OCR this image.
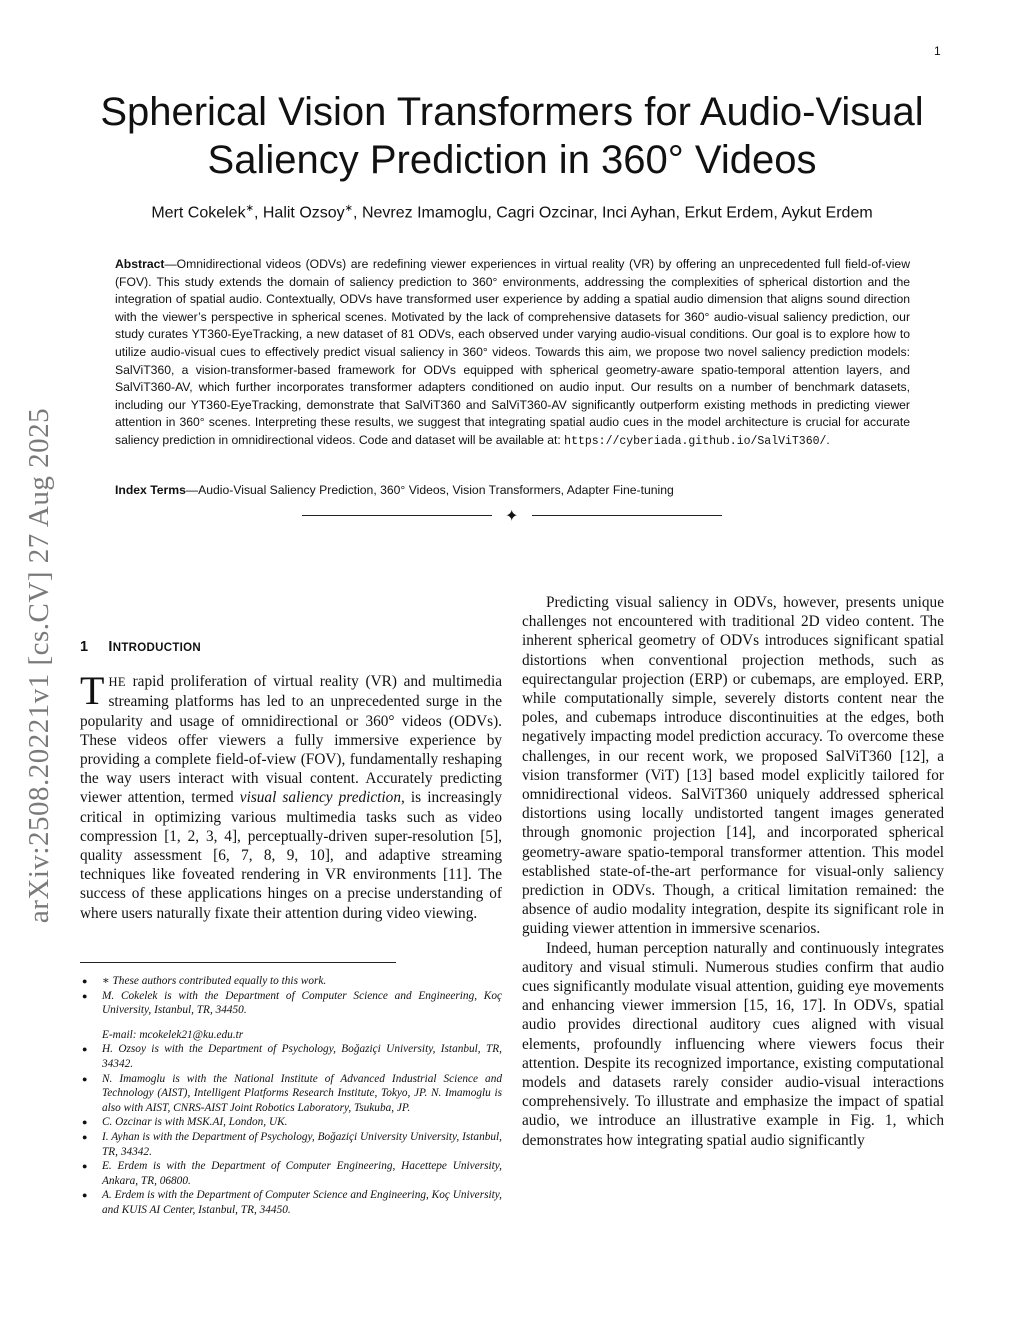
1
arXiv:2508.20221v1 [cs.CV] 27 Aug 2025
Spherical Vision Transformers for Audio-Visual
Saliency Prediction in 360° Videos
Mert Cokelek∗, Halit Ozsoy∗, Nevrez Imamoglu, Cagri Ozcinar, Inci Ayhan, Erkut Erdem, Aykut Erdem
Abstract—Omnidirectional videos (ODVs) are redefining viewer experiences in virtual reality (VR) by offering an unprecedented full field-of-view (FOV). This study extends the domain of saliency prediction to 360° environments, addressing the complexities of spherical distortion and the integration of spatial audio. Contextually, ODVs have transformed user experience by adding a spatial audio dimension that aligns sound direction with the viewer’s perspective in spherical scenes. Motivated by the lack of comprehensive datasets for 360° audio-visual saliency prediction, our study curates YT360-EyeTracking, a new dataset of 81 ODVs, each observed under varying audio-visual conditions. Our goal is to explore how to utilize audio-visual cues to effectively predict visual saliency in 360° videos. Towards this aim, we propose two novel saliency prediction models: SalViT360, a vision-transformer-based framework for ODVs equipped with spherical geometry-aware spatio-temporal attention layers, and SalViT360-AV, which further incorporates transformer adapters conditioned on audio input. Our results on a number of benchmark datasets, including our YT360-EyeTracking, demonstrate that SalViT360 and SalViT360-AV significantly outperform existing methods in predicting viewer attention in 360° scenes. Interpreting these results, we suggest that integrating spatial audio cues in the model architecture is crucial for accurate saliency prediction in omnidirectional videos. Code and dataset will be available at: https://cyberiada.github.io/SalViT360/.
Index Terms—Audio-Visual Saliency Prediction, 360° Videos, Vision Transformers, Adapter Fine-tuning
✦
1 INTRODUCTION

THE rapid proliferation of virtual reality (VR) and multimedia streaming platforms has led to an unprecedented surge in the popularity and usage of omnidirectional or 360° videos (ODVs). These videos offer viewers a fully immersive experience by providing a complete field-of-view (FOV), fundamentally reshaping the way users interact with visual content. Accurately predicting viewer attention, termed visual saliency prediction, is increasingly critical in optimizing various multimedia tasks such as video compression [1, 2, 3, 4], perceptually-driven super-resolution [5], quality assessment [6, 7, 8, 9, 10], and adaptive streaming techniques like foveated rendering in VR environments [11]. The success of these applications hinges on a precise understanding of where users naturally fixate their attention during video viewing.

● ∗ These authors contributed equally to this work.
● M. Cokelek is with the Department of Computer Science and Engineering, Koç University, Istanbul, TR, 34450.
E-mail: mcokelek21@ku.edu.tr
● H. Ozsoy is with the Department of Psychology, Boğaziçi University, Istanbul, TR, 34342.
● N. Imamoglu is with the National Institute of Advanced Industrial Science and Technology (AIST), Intelligent Platforms Research Institute, Tokyo, JP. N. Imamoglu is also with AIST, CNRS-AIST Joint Robotics Laboratory, Tsukuba, JP.
● C. Ozcinar is with MSK.AI, London, UK.
● I. Ayhan is with the Department of Psychology, Boğaziçi University University, Istanbul, TR, 34342.
● E. Erdem is with the Department of Computer Engineering, Hacettepe University, Ankara, TR, 06800.
● A. Erdem is with the Department of Computer Science and Engineering, Koç University, and KUIS AI Center, Istanbul, TR, 34450.

Predicting visual saliency in ODVs, however, presents unique challenges not encountered with traditional 2D video content. The inherent spherical geometry of ODVs introduces significant spatial distortions when conventional projection methods, such as equirectangular projection (ERP) or cubemaps, are employed. ERP, while computationally simple, severely distorts content near the poles, and cubemaps introduce discontinuities at the edges, both negatively impacting model prediction accuracy. To overcome these challenges, in our recent work, we proposed SalViT360 [12], a vision transformer (ViT) [13] based model explicitly tailored for omnidirectional videos. SalViT360 uniquely addressed spherical distortions using locally undistorted tangent images generated through gnomonic projection [14], and incorporated spherical geometry-aware spatio-temporal transformer attention. This model established state-of-the-art performance for visual-only saliency prediction in ODVs. Though, a critical limitation remained: the absence of audio modality integration, despite its significant role in guiding viewer attention in immersive scenarios.

Indeed, human perception naturally and continuously integrates auditory and visual stimuli. Numerous studies confirm that audio cues significantly modulate visual attention, guiding eye movements and enhancing viewer immersion [15, 16, 17]. In ODVs, spatial audio provides directional auditory cues aligned with visual elements, profoundly influencing where viewers focus their attention. Despite its recognized importance, existing computational models and datasets rarely consider audio-visual interactions comprehensively. To illustrate and emphasize the impact of spatial audio, we introduce an illustrative example in Fig. 1, which demonstrates how integrating spatial audio significantly
